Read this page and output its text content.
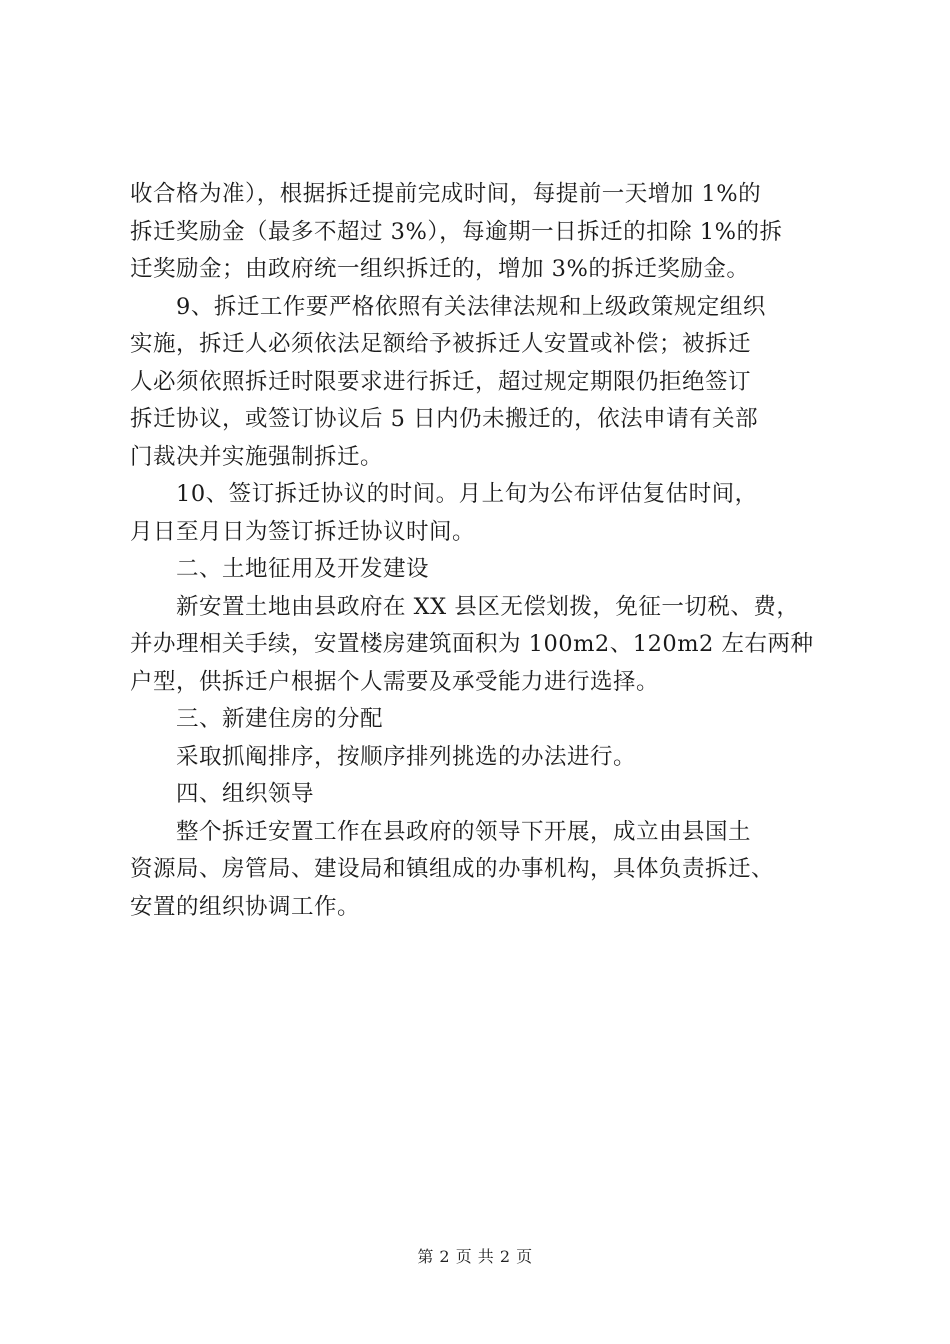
收合格为准），根据拆迁提前完成时间，每提前一天增加 1%的
拆迁奖励金（最多不超过 3%），每逾期一日拆迁的扣除 1%的拆
迁奖励金；由政府统一组织拆迁的，增加 3%的拆迁奖励金。
9、拆迁工作要严格依照有关法律法规和上级政策规定组织
实施，拆迁人必须依法足额给予被拆迁人安置或补偿；被拆迁
人必须依照拆迁时限要求进行拆迁，超过规定期限仍拒绝签订
拆迁协议，或签订协议后 5 日内仍未搬迁的，依法申请有关部
门裁决并实施强制拆迁。
10、签订拆迁协议的时间。月上旬为公布评估复估时间，
月日至月日为签订拆迁协议时间。
二、土地征用及开发建设
新安置土地由县政府在 XX 县区无偿划拨，免征一切税、费，
并办理相关手续，安置楼房建筑面积为 100m2、120m2 左右两种
户型，供拆迁户根据个人需要及承受能力进行选择。
三、新建住房的分配
采取抓阄排序，按顺序排列挑选的办法进行。
四、组织领导
整个拆迁安置工作在县政府的领导下开展，成立由县国土
资源局、房管局、建设局和镇组成的办事机构，具体负责拆迁、
安置的组织协调工作。
第 2 页 共 2 页
